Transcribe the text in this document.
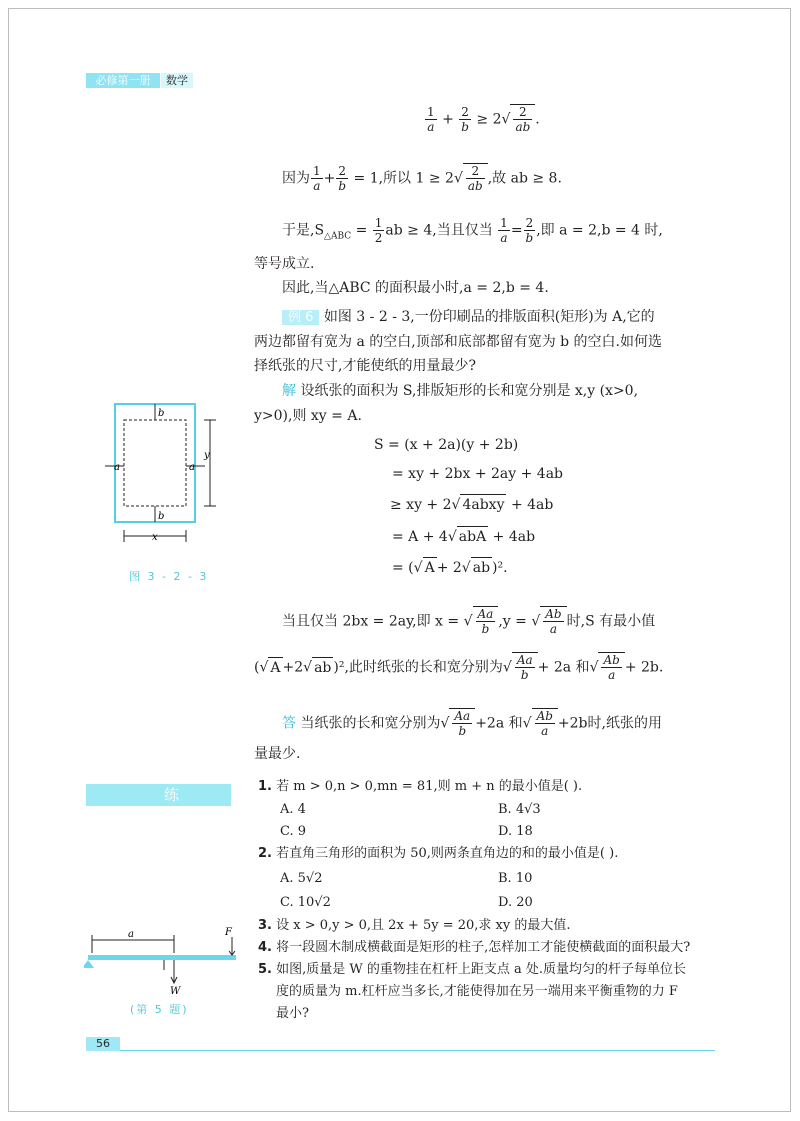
必修第一册	数学
$\frac{1}{a} + \frac{2}{b} \ge 2√ \frac{2}{ab}$ .
因为 $\frac{1}{a} + \frac{2}{b} = 1$,所以 $1 \ge 2√ \frac{2}{ab}$ ,故 ab ≥ 8.
于是$,S_{\triangle ABC} = \frac{1}{2}$ ab ≥ 4,当且仅当 $\frac{1}{a} = \frac{2}{b}$ ,即 a = 2,b = 4 时,
等号成立.
因此,当△ABC 的面积最小时,a = 2,b = 4.
例 6 如图 3 - 2 - 3,一份印刷品的排版面积(矩形)为 A,它的
两边都留有宽为 a 的空白,顶部和底部都留有宽为 b 的空白.如何选
择纸张的尺寸,才能使纸的用量最少?
解 设纸张的面积为 S,排版矩形的长和宽分别是 x,y (x>0,
y>0),则 xy = A.
S = (x + 2a)(y + 2b)
= xy + 2bx + 2ay + 4ab
≥ xy + 2√ 4abxy + 4ab
= A + 4√ abA + 4ab
= (√ A + 2√ ab )².
当且仅当 2bx = 2ay,即 x = √ $\frac{Aa}{b} ,y$ = √ $\frac{Ab}{a}$ 时,S 有最小值
(√ A +2√ ab )²,此时纸张的长和宽分别为√ $\frac{Aa}{b} + 2a$ 和√ $\frac{Ab}{a} + 2b$.
答 当纸张的长和宽分别为√ $\frac{Aa}{b} +2a$ 和√ $\frac{Ab}{a} +2b$时,纸张的用
量最少.
b
b
a	a
y
x
图 3 - 2 - 3
练习
1. 若 m > 0,n > 0,mn = 81,则 m + n 的最小值是( ).
A. 4	B. 4√3
C. 9	D. 18
2. 若直角三角形的面积为 50,则两条直角边的和的最小值是( ).
A. 5√2	B. 10
C. 10√2	D. 20
3. 设 x > 0,y > 0,且 2x + 5y = 20,求 xy 的最大值.
4. 将一段圆木制成横截面是矩形的柱子,怎样加工才能使横截面的面积最大?
5. 如图,质量是 W 的重物挂在杠杆上距支点 a 处.质量均匀的杆子每单位长
度的质量为 m.杠杆应当多长,才能使得加在另一端用来平衡重物的力 F
最小?
a	F
W
(第 5 题)
56
